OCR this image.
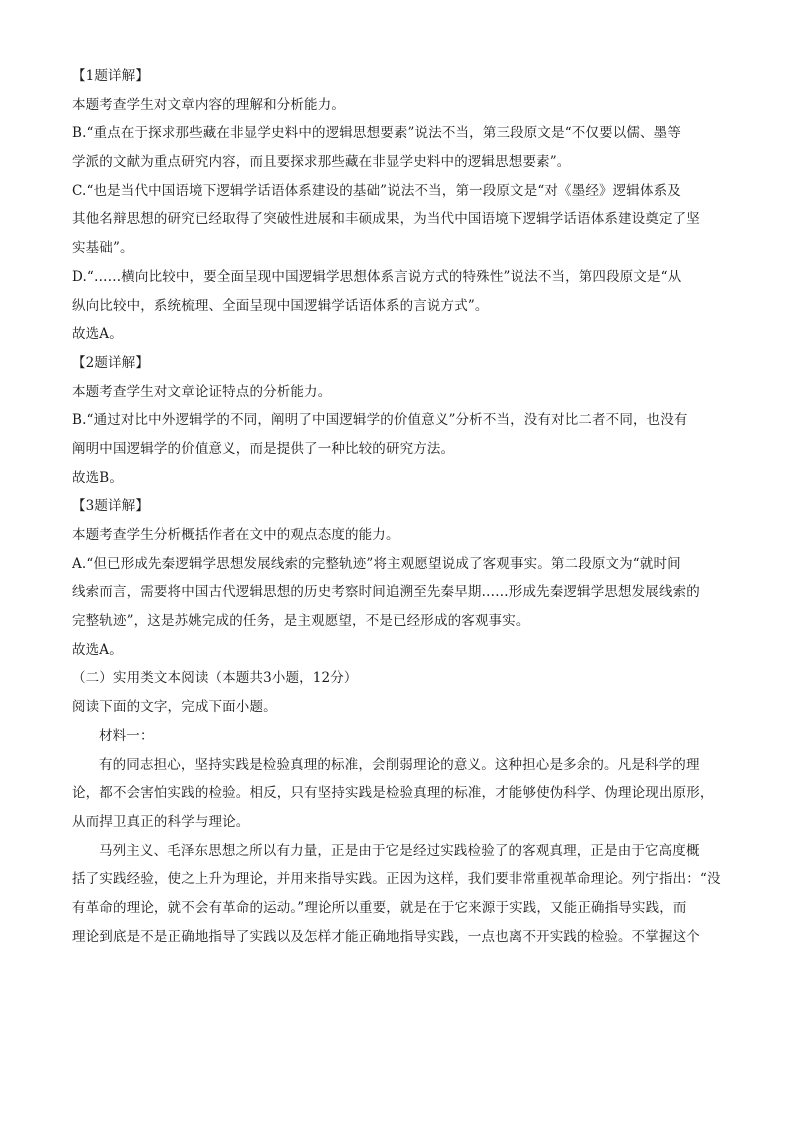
【1题详解】
本题考查学生对文章内容的理解和分析能力。
B.“重点在于探求那些藏在非显学史料中的逻辑思想要素”说法不当，第三段原文是“不仅要以儒、墨等
学派的文献为重点研究内容，而且要探求那些藏在非显学史料中的逻辑思想要素”。
C.“也是当代中国语境下逻辑学话语体系建设的基础”说法不当，第一段原文是“对《墨经》逻辑体系及
其他名辩思想的研究已经取得了突破性进展和丰硕成果，为当代中国语境下逻辑学话语体系建设奠定了坚
实基础”。
D.“……横向比较中，要全面呈现中国逻辑学思想体系言说方式的特殊性”说法不当，第四段原文是“从
纵向比较中，系统梳理、全面呈现中国逻辑学话语体系的言说方式”。
故选A。
【2题详解】
本题考查学生对文章论证特点的分析能力。
B.“通过对比中外逻辑学的不同，阐明了中国逻辑学的价值意义”分析不当，没有对比二者不同，也没有
阐明中国逻辑学的价值意义，而是提供了一种比较的研究方法。
故选B。
【3题详解】
本题考查学生分析概括作者在文中的观点态度的能力。
A.“但已形成先秦逻辑学思想发展线索的完整轨迹”将主观愿望说成了客观事实。第二段原文为“就时间
线索而言，需要将中国古代逻辑思想的历史考察时间追溯至先秦早期……形成先秦逻辑学思想发展线索的
完整轨迹”，这是苏姚完成的任务，是主观愿望，不是已经形成的客观事实。
故选A。
（二）实用类文本阅读（本题共3小题，12分）
阅读下面的文字，完成下面小题。
材料一：
有的同志担心，坚持实践是检验真理的标准，会削弱理论的意义。这种担心是多余的。凡是科学的理
论，都不会害怕实践的检验。相反，只有坚持实践是检验真理的标准，才能够使伪科学、伪理论现出原形，
从而捍卫真正的科学与理论。
马列主义、毛泽东思想之所以有力量，正是由于它是经过实践检验了的客观真理，正是由于它高度概
括了实践经验，使之上升为理论，并用来指导实践。正因为这样，我们要非常重视革命理论。列宁指出：“没
有革命的理论，就不会有革命的运动。”理论所以重要，就是在于它来源于实践，又能正确指导实践，而
理论到底是不是正确地指导了实践以及怎样才能正确地指导实践，一点也离不开实践的检验。不掌握这个
